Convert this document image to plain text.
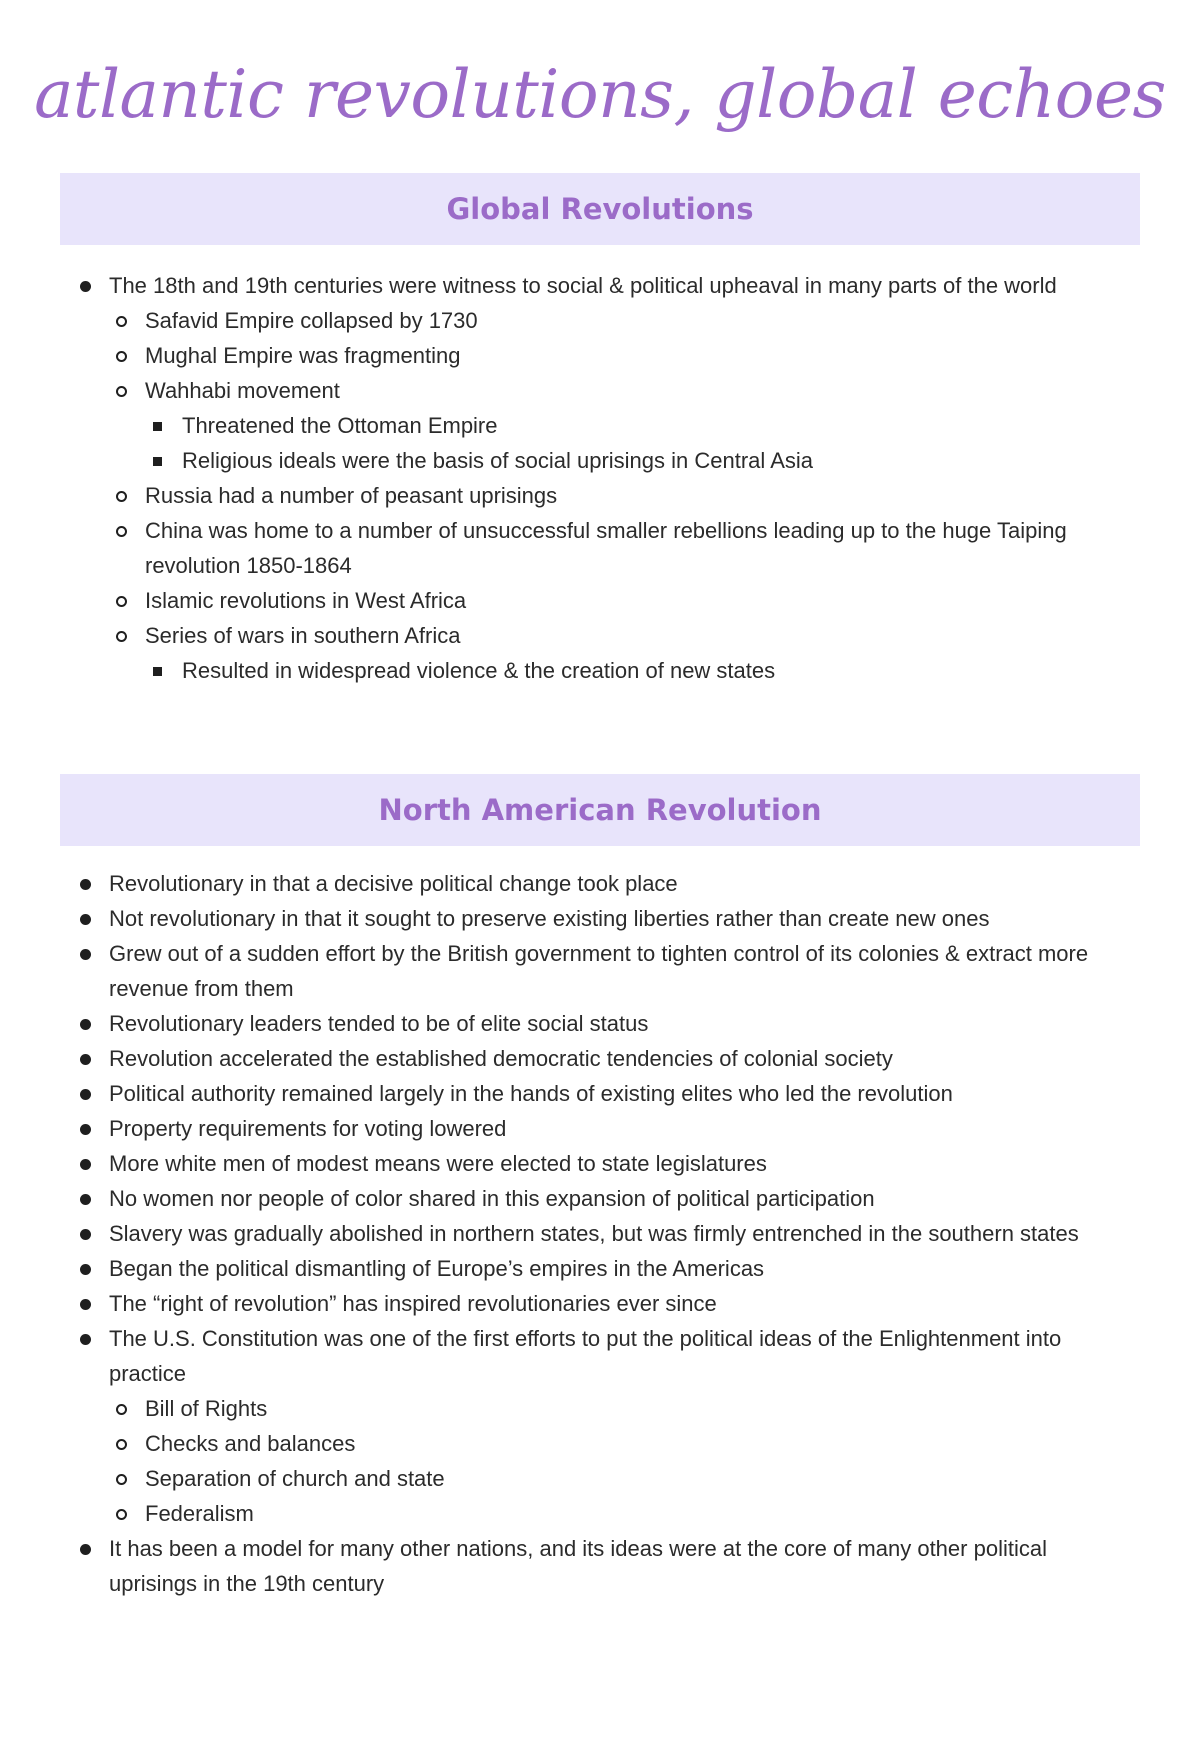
atlantic revolutions, global echoes
Global Revolutions
The 18th and 19th centuries were witness to social & political upheaval in many parts of the world
Safavid Empire collapsed by 1730
Mughal Empire was fragmenting
Wahhabi movement
Threatened the Ottoman Empire
Religious ideals were the basis of social uprisings in Central Asia
Russia had a number of peasant uprisings
China was home to a number of unsuccessful smaller rebellions leading up to the huge Taiping revolution 1850-1864
Islamic revolutions in West Africa
Series of wars in southern Africa
Resulted in widespread violence & the creation of new states
North American Revolution
Revolutionary in that a decisive political change took place
Not revolutionary in that it sought to preserve existing liberties rather than create new ones
Grew out of a sudden effort by the British government to tighten control of its colonies & extract more revenue from them
Revolutionary leaders tended to be of elite social status
Revolution accelerated the established democratic tendencies of colonial society
Political authority remained largely in the hands of existing elites who led the revolution
Property requirements for voting lowered
More white men of modest means were elected to state legislatures
No women nor people of color shared in this expansion of political participation
Slavery was gradually abolished in northern states, but was firmly entrenched in the southern states
Began the political dismantling of Europe’s empires in the Americas
The “right of revolution” has inspired revolutionaries ever since
The U.S. Constitution was one of the first efforts to put the political ideas of the Enlightenment into practice
Bill of Rights
Checks and balances
Separation of church and state
Federalism
It has been a model for many other nations, and its ideas were at the core of many other political uprisings in the 19th century
